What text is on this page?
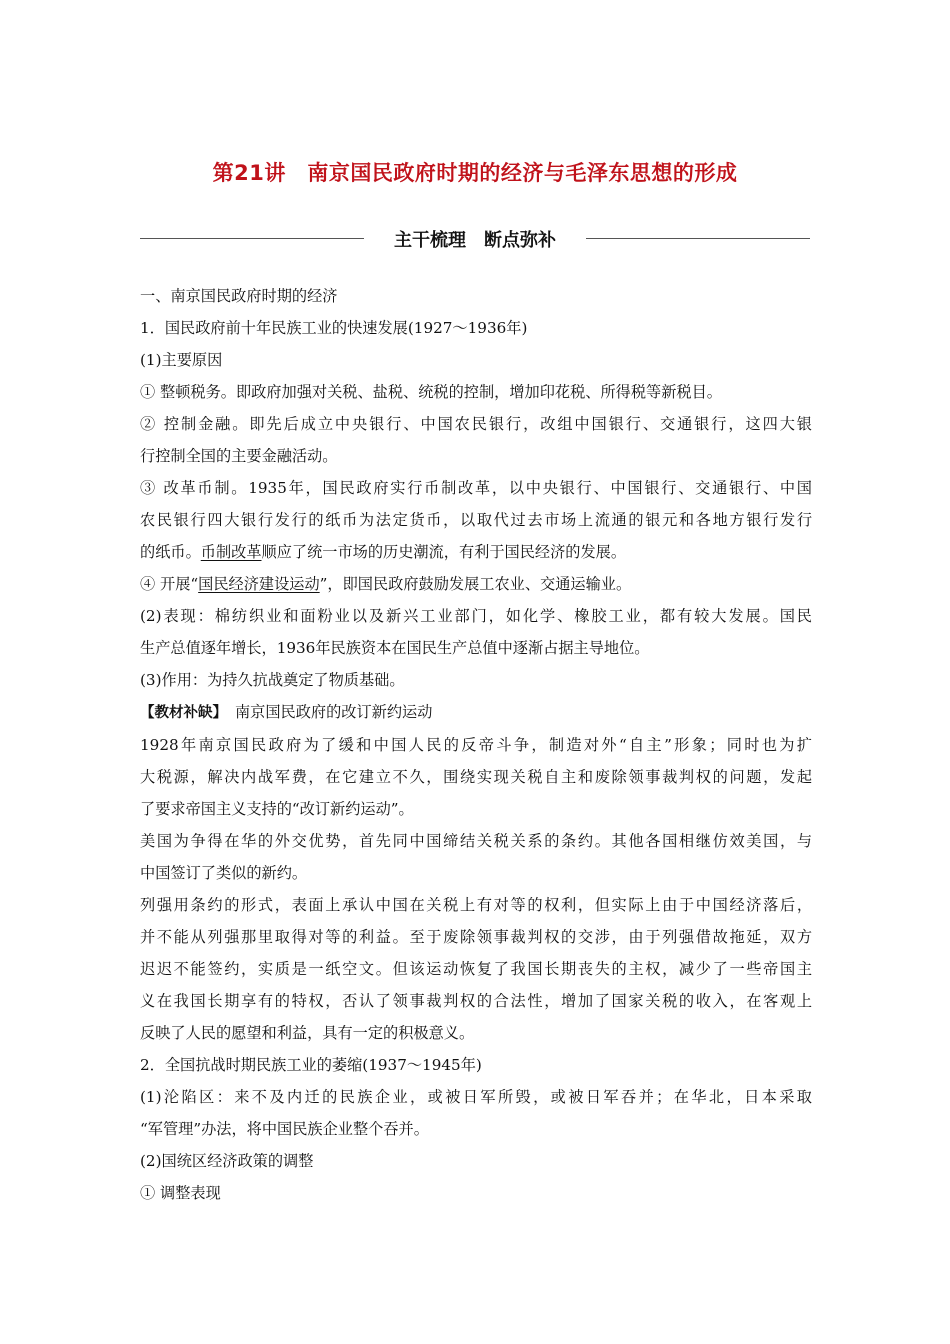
第21讲　南京国民政府时期的经济与毛泽东思想的形成
主干梳理　断点弥补

一、南京国民政府时期的经济

1．国民政府前十年民族工业的快速发展(1927～1936年)

(1)主要原因

① 整顿税务。即政府加强对关税、盐税、统税的控制，增加印花税、所得税等新税目。

② 控制金融。即先后成立中央银行、中国农民银行，改组中国银行、交通银行，这四大银

行控制全国的主要金融活动。

③ 改革币制。1935年，国民政府实行币制改革，以中央银行、中国银行、交通银行、中国

农民银行四大银行发行的纸币为法定货币，以取代过去市场上流通的银元和各地方银行发行

的纸币。币制改革顺应了统一市场的历史潮流，有利于国民经济的发展。

④ 开展“国民经济建设运动”，即国民政府鼓励发展工农业、交通运输业。

(2)表现：棉纺织业和面粉业以及新兴工业部门，如化学、橡胶工业，都有较大发展。国民

生产总值逐年增长，1936年民族资本在国民生产总值中逐渐占据主导地位。

(3)作用：为持久抗战奠定了物质基础。

【教材补缺】　南京国民政府的改订新约运动

1928年南京国民政府为了缓和中国人民的反帝斗争，制造对外“自主”形象；同时也为扩

大税源，解决内战军费，在它建立不久，围绕实现关税自主和废除领事裁判权的问题，发起

了要求帝国主义支持的“改订新约运动”。

美国为争得在华的外交优势，首先同中国缔结关税关系的条约。其他各国相继仿效美国，与

中国签订了类似的新约。

列强用条约的形式，表面上承认中国在关税上有对等的权利，但实际上由于中国经济落后，

并不能从列强那里取得对等的利益。至于废除领事裁判权的交涉，由于列强借故拖延，双方

迟迟不能签约，实质是一纸空文。但该运动恢复了我国长期丧失的主权，减少了一些帝国主

义在我国长期享有的特权，否认了领事裁判权的合法性，增加了国家关税的收入，在客观上

反映了人民的愿望和利益，具有一定的积极意义。

2．全国抗战时期民族工业的萎缩(1937～1945年)

(1)沦陷区：来不及内迁的民族企业，或被日军所毁，或被日军吞并；在华北，日本采取

“军管理”办法，将中国民族企业整个吞并。

(2)国统区经济政策的调整

① 调整表现
